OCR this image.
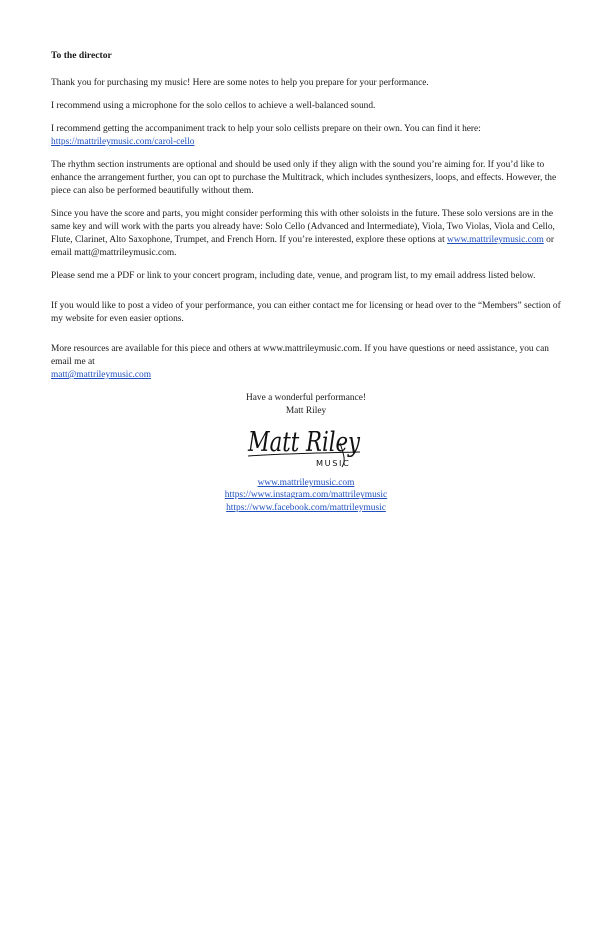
To the director
Thank you for purchasing my music! Here are some notes to help you prepare for your performance.
I recommend using a microphone for the solo cellos to achieve a well-balanced sound.
I recommend getting the accompaniment track to help your solo cellists prepare on their own. You can find it here:
https://mattrileymusic.com/carol-cello
The rhythm section instruments are optional and should be used only if they align with the sound you’re aiming for. If you’d like to enhance the arrangement further, you can opt to purchase the Multitrack, which includes synthesizers, loops, and effects. However, the piece can also be performed beautifully without them.
Since you have the score and parts, you might consider performing this with other soloists in the future. These solo versions are in the same key and will work with the parts you already have: Solo Cello (Advanced and Intermediate), Viola, Two Violas, Viola and Cello, Flute, Clarinet, Alto Saxophone, Trumpet, and French Horn. If you’re interested, explore these options at www.mattrileymusic.com or email matt@mattrileymusic.com.
Please send me a PDF or link to your concert program, including date, venue, and program list, to my email address listed below.
If you would like to post a video of your performance, you can either contact me for licensing or head over to the “Members” section of my website for even easier options.
More resources are available for this piece and others at www.mattrileymusic.com. If you have questions or need assistance, you can email me at
matt@mattrileymusic.com
Have a wonderful performance!
Matt Riley
Matt Riley
MUSIC
www.mattrileymusic.com
https://www.instagram.com/mattrileymusic
https://www.facebook.com/mattrileymusic
